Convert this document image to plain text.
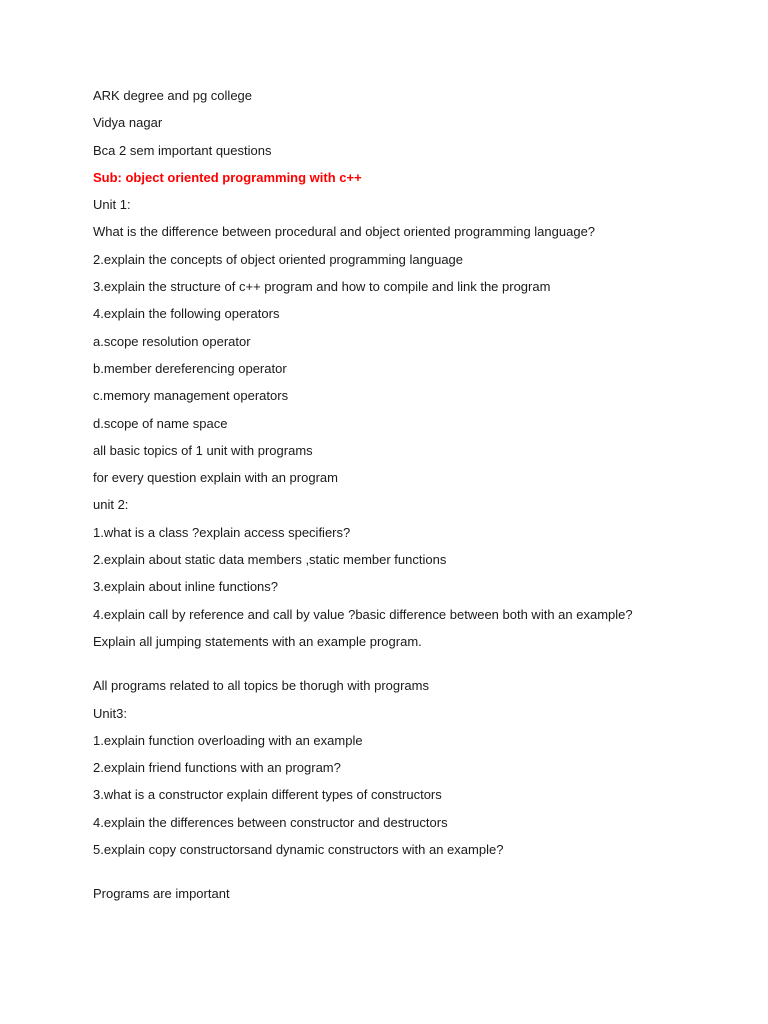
ARK degree and pg college
Vidya nagar
Bca 2 sem important questions
Sub: object oriented programming with c++
Unit 1:
What is the difference between procedural and object oriented programming language?
2.explain the concepts of object oriented programming language
3.explain the structure of c++ program and how to compile and link the program
4.explain the following operators
a.scope resolution operator
b.member dereferencing operator
c.memory management operators
d.scope of name space
all basic topics of 1 unit with programs
for every question explain with an program
unit 2:
1.what is a class ?explain access specifiers?
2.explain about static data members ,static member functions
3.explain about inline functions?
4.explain call by reference and call by value ?basic difference between both with an example?
Explain all jumping statements with an example program.
All programs related to all topics be thorugh with programs
Unit3:
1.explain function overloading with an example
2.explain friend functions with an program?
3.what is a constructor explain different types of constructors
4.explain the differences between constructor and destructors
5.explain copy constructorsand dynamic constructors with an example?
Programs are important
